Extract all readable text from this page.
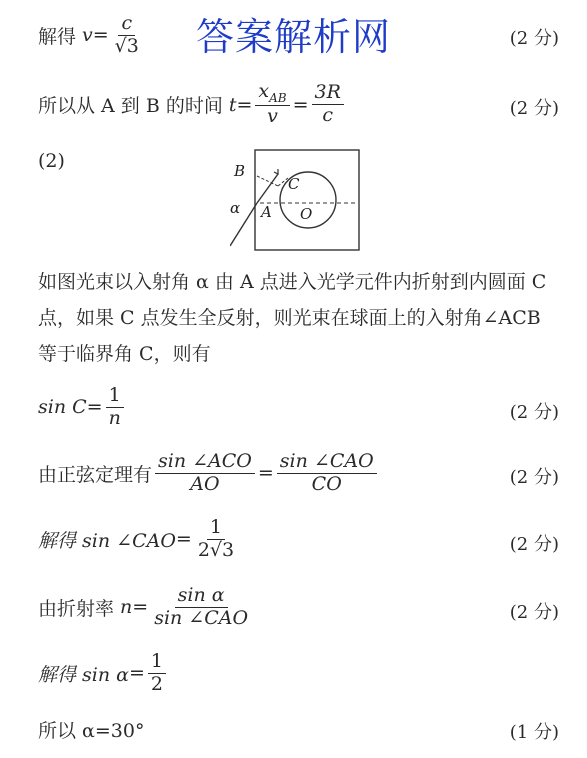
解得 $v = \frac{c}{√3}$ 答案解析网	(2 分)
所以从 A 到 B 的时间 $t = \frac{x_{AB}}{v} = \frac{3R}{c}$	(2 分)
(2)	B
C
α A O
如图光束以入射角 α 由 A 点进入光学元件内折射到内圆面 C 点，如果 C 点发生全反射，则光束在球面上的入射角∠ACB 等于临界角 C，则有
$\sin C = \frac{1}{n}$	(2 分)
由正弦定理有 $\frac{\text{sin ∠ACO}}{AO} = \frac{\text{sin ∠CAO}}{CO}$	(2 分)
解得 sin ∠CAO = $\frac{1}{2√3}$	(2 分)
由折射率 $n = \frac{\text{sin α}}{\text{sin ∠CAO}}$	(2 分)
解得 $\sin \alpha = \frac{1}{2}$
所以 α=30°	(1 分)
